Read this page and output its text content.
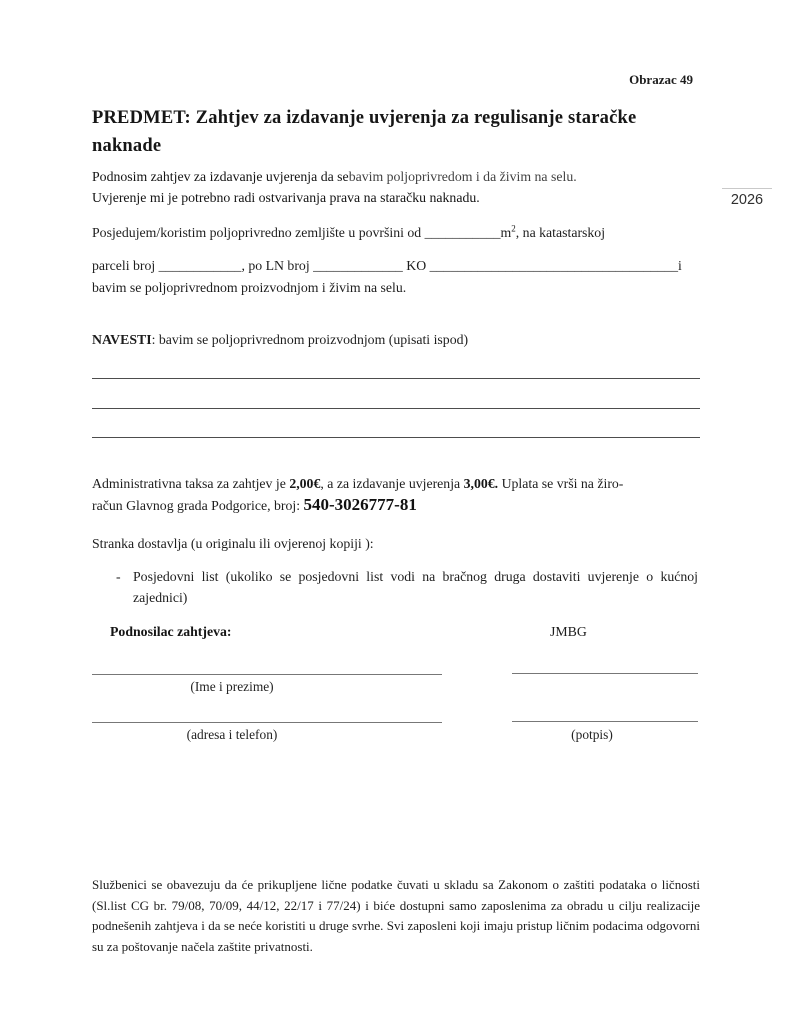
Obrazac 49
PREDMET: Zahtjev za izdavanje uvjerenja za regulisanje staračke
naknade
Podnosim zahtjev za izdavanje uvjerenja da sebavim poljoprivredom i da živim na selu.
Uvjerenje mi je potrebno radi ostvarivanja prava na staračku naknadu.	2026
Posjedujem/koristim poljoprivredno zemljište u površini od $\_\_\_\_\_\_\_\_\_\_\_m^2$, na katastarskoj
parceli broj ____________, po LN broj _____________ KO ____________________________________i
bavim se poljoprivrednom proizvodnjom i živim na selu.
NAVESTI: bavim se poljoprivrednom proizvodnjom (upisati ispod)
Administrativna taksa za zahtjev je 2,00€, a za izdavanje uvjerenja 3,00€. Uplata se vrši na žiro-
račun Glavnog grada Podgorice, broj: 540-3026777-81
Stranka dostavlja (u originalu ili ovjerenoj kopiji ):
- Posjedovni list (ukoliko se posjedovni list vodi na bračnog druga dostaviti uvjerenje o kućnoj zajednici)
Podnosilac zahtjeva:	JMBG
(Ime i prezime)
(adresa i telefon)	(potpis)
Službenici se obavezuju da će prikupljene lične podatke čuvati u skladu sa Zakonom o zaštiti podataka o ličnosti (Sl.list CG br. 79/08, 70/09, 44/12, 22/17 i 77/24) i biće dostupni samo zaposlenima za obradu u cilju realizacije podnešenih zahtjeva i da se neće koristiti u druge svrhe. Svi zaposleni koji imaju pristup ličnim podacima odgovorni su za poštovanje načela zaštite privatnosti.
